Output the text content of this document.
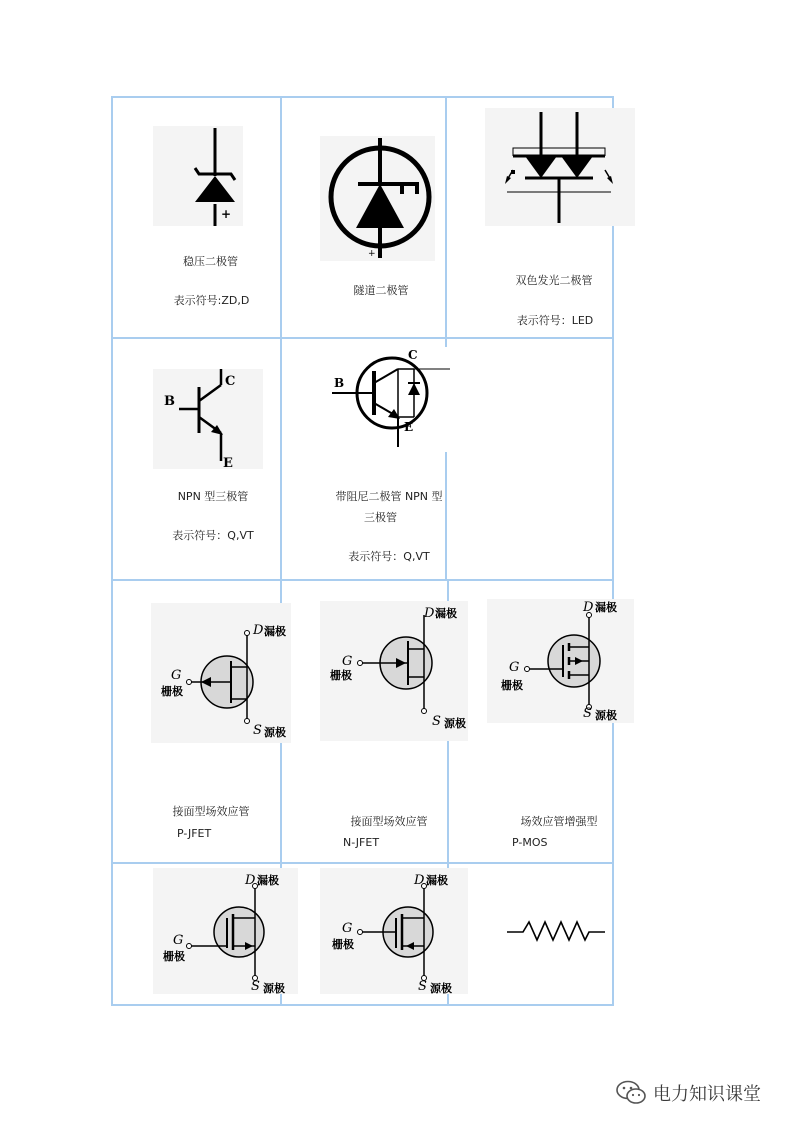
+
稳压二极管
表示符号:ZD,D
+
隧道二极管
双色发光二极管
表示符号：LED
B
C
E
NPN 型三极管
表示符号：Q,VT
B
C
E
带阻尼二极管 NPN 型
三极管
表示符号：Q,VT
D 漏极
G
栅极
S 源极
接面型场效应管
P-JFET
D 漏极
G
栅极
S 源极
接面型场效应管
N-JFET
D 漏极
G
栅极
S 源极
场效应管增强型
P-MOS
D 漏极
G
栅极
S 源极
D 漏极
G
栅极
S 源极
电力知识课堂
